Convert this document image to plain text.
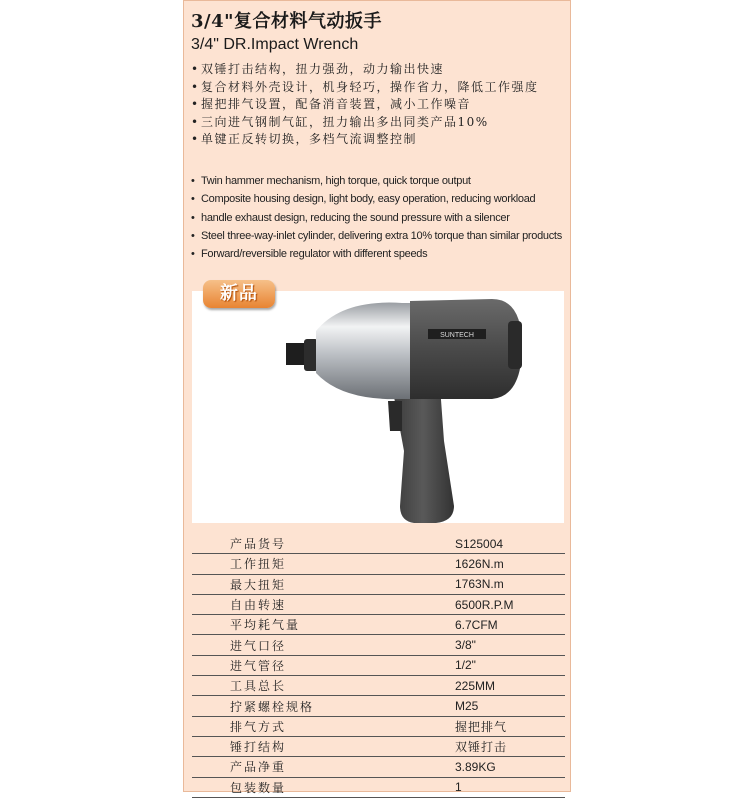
3/4"复合材料气动扳手
3/4" DR.Impact Wrench
• 双锤打击结构，扭力强劲，动力输出快速
• 复合材料外壳设计，机身轻巧，操作省力，降低工作强度
• 握把排气设置，配备消音装置，减小工作噪音
• 三向进气钢制气缸，扭力输出多出同类产品10%
• 单键正反转切换，多档气流调整控制
• Twin hammer mechanism, high torque, quick torque output
• Composite housing design, light body, easy operation, reducing workload
• handle exhaust design, reducing the sound pressure with a silencer
• Steel three-way-inlet cylinder, delivering extra 10% torque than similar products
• Forward/reversible regulator with different speeds
SUNTECH
新品
产品货号	S125004
工作扭矩	1626N.m
最大扭矩	1763N.m
自由转速	6500R.P.M
平均耗气量	6.7CFM
进气口径	3/8"
进气管径	1/2"
工具总长	225MM
拧紧螺栓规格	M25
排气方式	握把排气
锤打结构	双锤打击
产品净重	3.89KG
包装数量	1
